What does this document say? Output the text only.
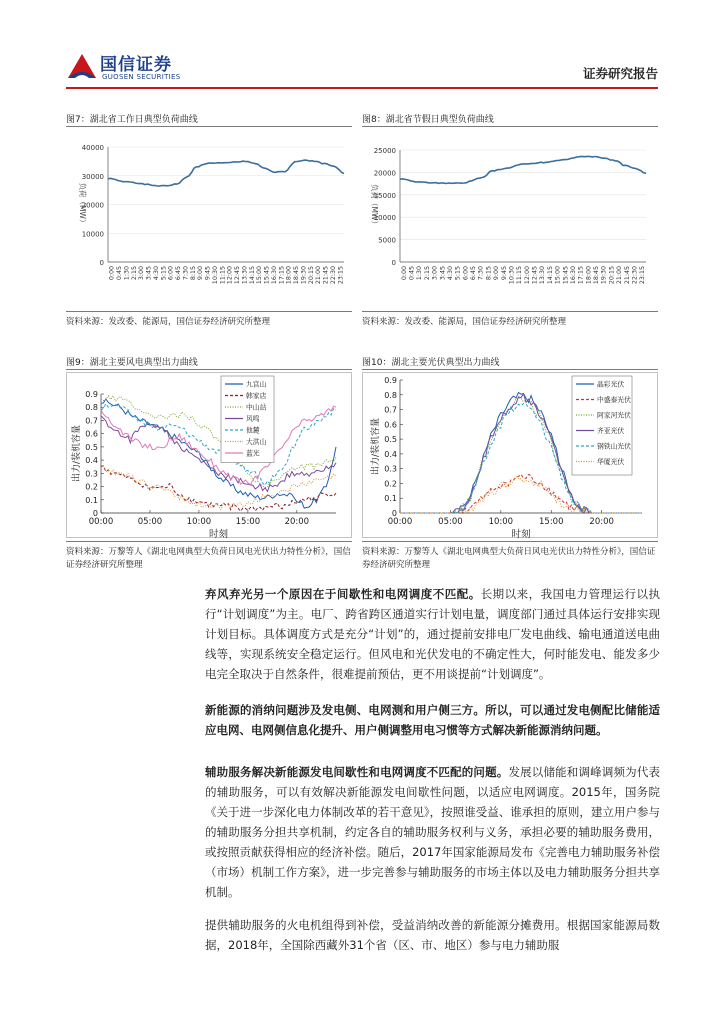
国信证券
GUOSEN SECURITIES	证券研究报告
图7：湖北省工作日典型负荷曲线
0
10000
20000
30000
40000
0:00 0:45 1:30 2:15 3:00 3:45 4:30 5:15 6:00 6:45 7:30 8:15 9:00 9:45 10:30 11:15 12:00 12:45 13:30 14:15 15:00 15:45 16:30 17:15 18:00 18:45 19:30 20:15 21:00 21:45 22:30 23:15
负荷（MW）
资料来源：发改委、能源局，国信证券经济研究所整理
图8：湖北省节假日典型负荷曲线
0
5000
10000
15000
20000
25000
0:00 0:45 1:30 2:15 3:00 3:45 4:30 5:15 6:00 6:45 7:30 8:15 9:00 9:45 10:30 11:15 12:00 12:45 13:30 14:15 15:00 15:45 16:30 17:15 18:00 18:45 19:30 20:15 21:00 21:45 22:30 23:15
负荷（MW）
资料来源：发改委、能源局，国信证券经济研究所整理
图9：湖北主要风电典型出力曲线
0
0.1
0.2
0.3
0.4
0.5
0.6
0.7
0.8
0.9
00:00	05:00	10:00	15:00	20:00
时刻
出力/装机容量
九宫山
韩家店
中山站
风鸣
他麓
大洪山
蓝光
资料来源：万黎等人《湖北电网典型大负荷日风电光伏出力特性分析》，国信证券经济研究所整理
图10：湖北主要光伏典型出力曲线
0
0.1
0.2
0.3
0.4
0.5
0.6
0.7
0.8
0.9
00:00	05:00	10:00	15:00	20:00
时刻
出力/装机容量
晶彩光伏
中盛泰光伏
阿家河光伏
齐亚光伏
钢铁山光伏
华厦光伏
资料来源：万黎等人《湖北电网典型大负荷日风电光伏出力特性分析》，国信证券经济研究所整理

弃风弃光另一个原因在于间歇性和电网调度不匹配。长期以来，我国电力管理运行以执行“计划调度”为主。电厂、跨省跨区通道实行计划电量，调度部门通过具体运行安排实现计划目标。具体调度方式是充分“计划”的，通过提前安排电厂发电曲线、输电通道送电曲线等，实现系统安全稳定运行。但风电和光伏发电的不确定性大，何时能发电、能发多少电完全取决于自然条件，很难提前预估，更不用谈提前“计划调度”。

新能源的消纳问题涉及发电侧、电网测和用户侧三方。所以，可以通过发电侧配比储能适应电网、电网侧信息化提升、用户侧调整用电习惯等方式解决新能源消纳问题。

辅助服务解决新能源发电间歇性和电网调度不匹配的问题。发展以储能和调峰调频为代表的辅助服务，可以有效解决新能源发电间歇性问题，以适应电网调度。2015年，国务院《关于进一步深化电力体制改革的若干意见》，按照谁受益、谁承担的原则，建立用户参与的辅助服务分担共享机制，约定各自的辅助服务权利与义务，承担必要的辅助服务费用，或按照贡献获得相应的经济补偿。随后，2017年国家能源局发布《完善电力辅助服务补偿（市场）机制工作方案》，进一步完善参与辅助服务的市场主体以及电力辅助服务分担共享机制。

提供辅助服务的火电机组得到补偿，受益消纳改善的新能源分摊费用。根据国家能源局数据，2018年，全国除西藏外31个省（区、市、地区）参与电力辅助服
